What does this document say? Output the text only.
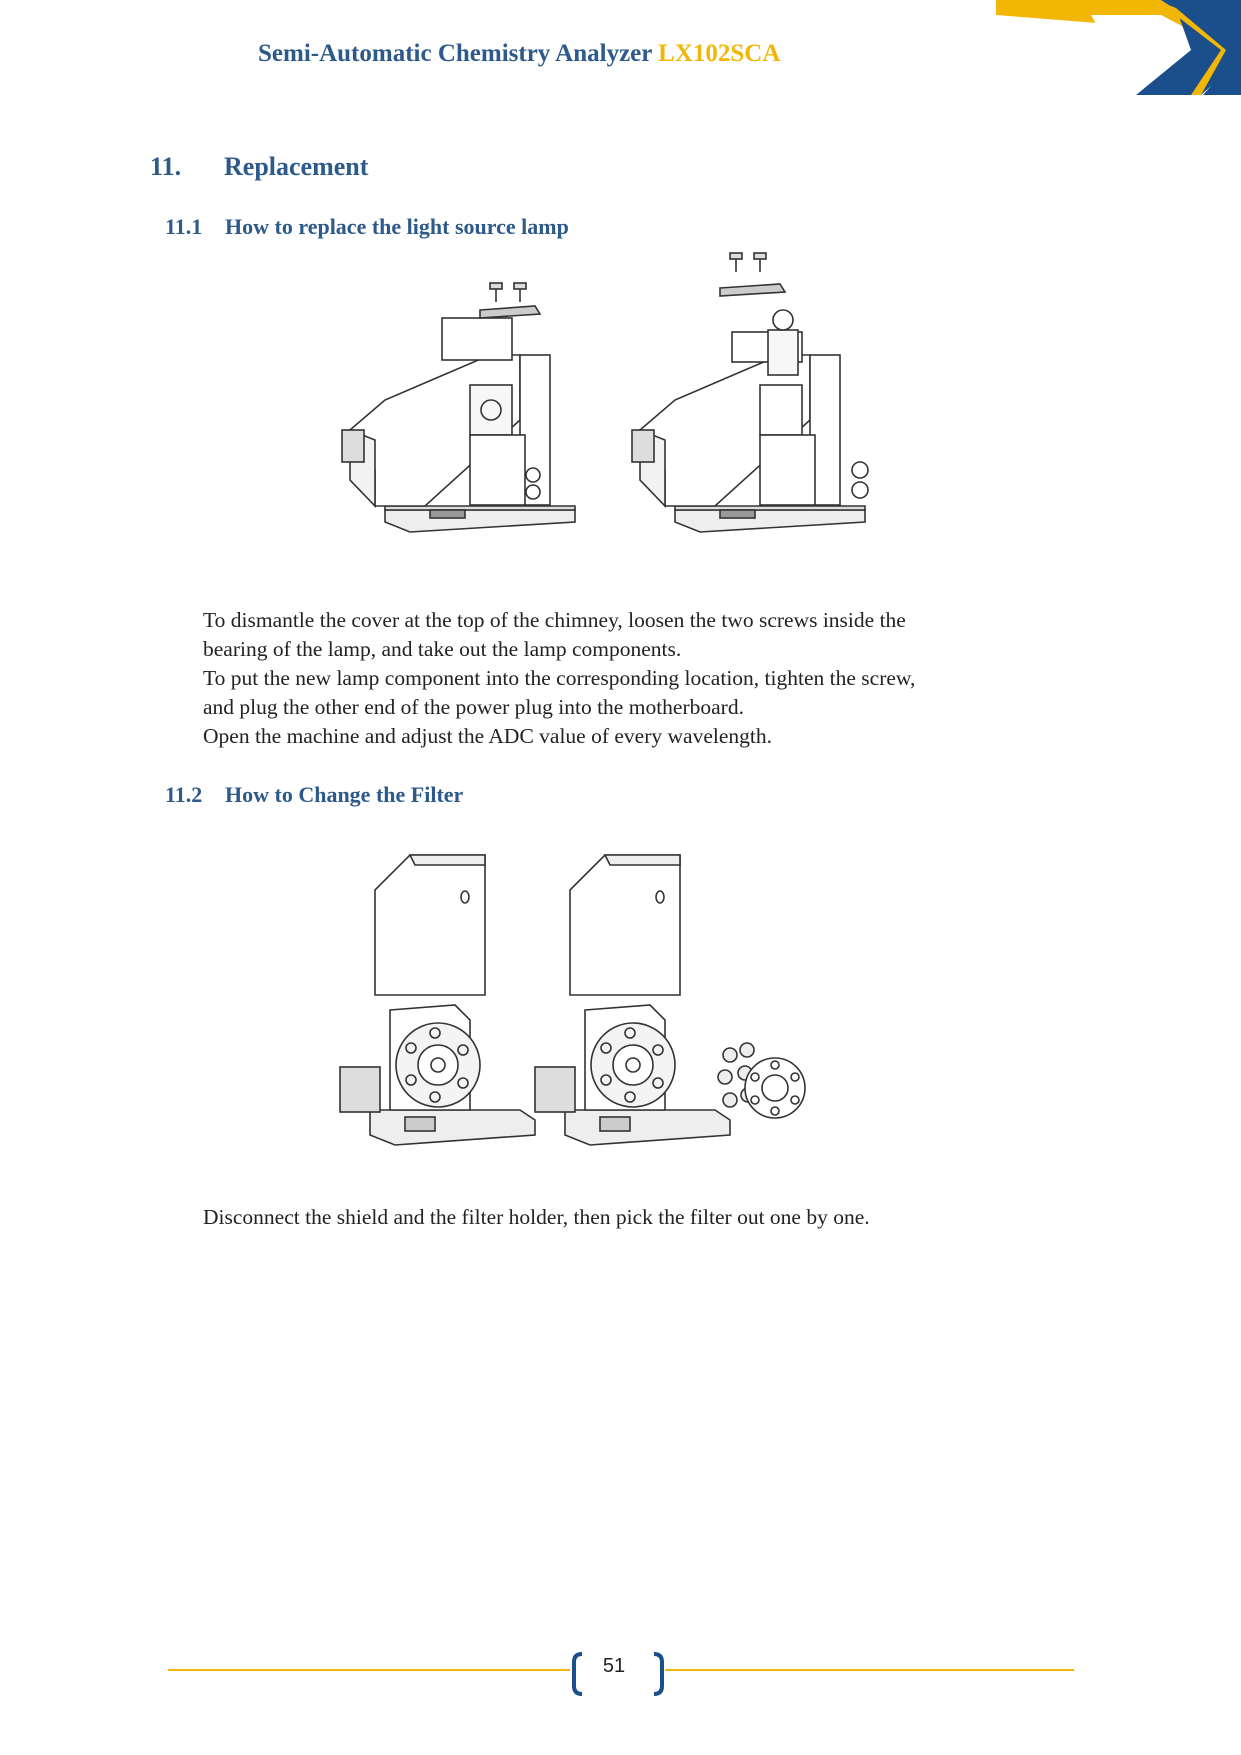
Semi-Automatic Chemistry Analyzer LX102SCA
11. Replacement
11.1 How to replace the light source lamp

To dismantle the cover at the top of the chimney, loosen the two screws inside the

bearing of the lamp, and take out the lamp components.

To put the new lamp component into the corresponding location, tighten the screw,

and plug the other end of the power plug into the motherboard.

Open the machine and adjust the ADC value of every wavelength.

11.2 How to Change the Filter

Disconnect the shield and the filter holder, then pick the filter out one by one.

51
